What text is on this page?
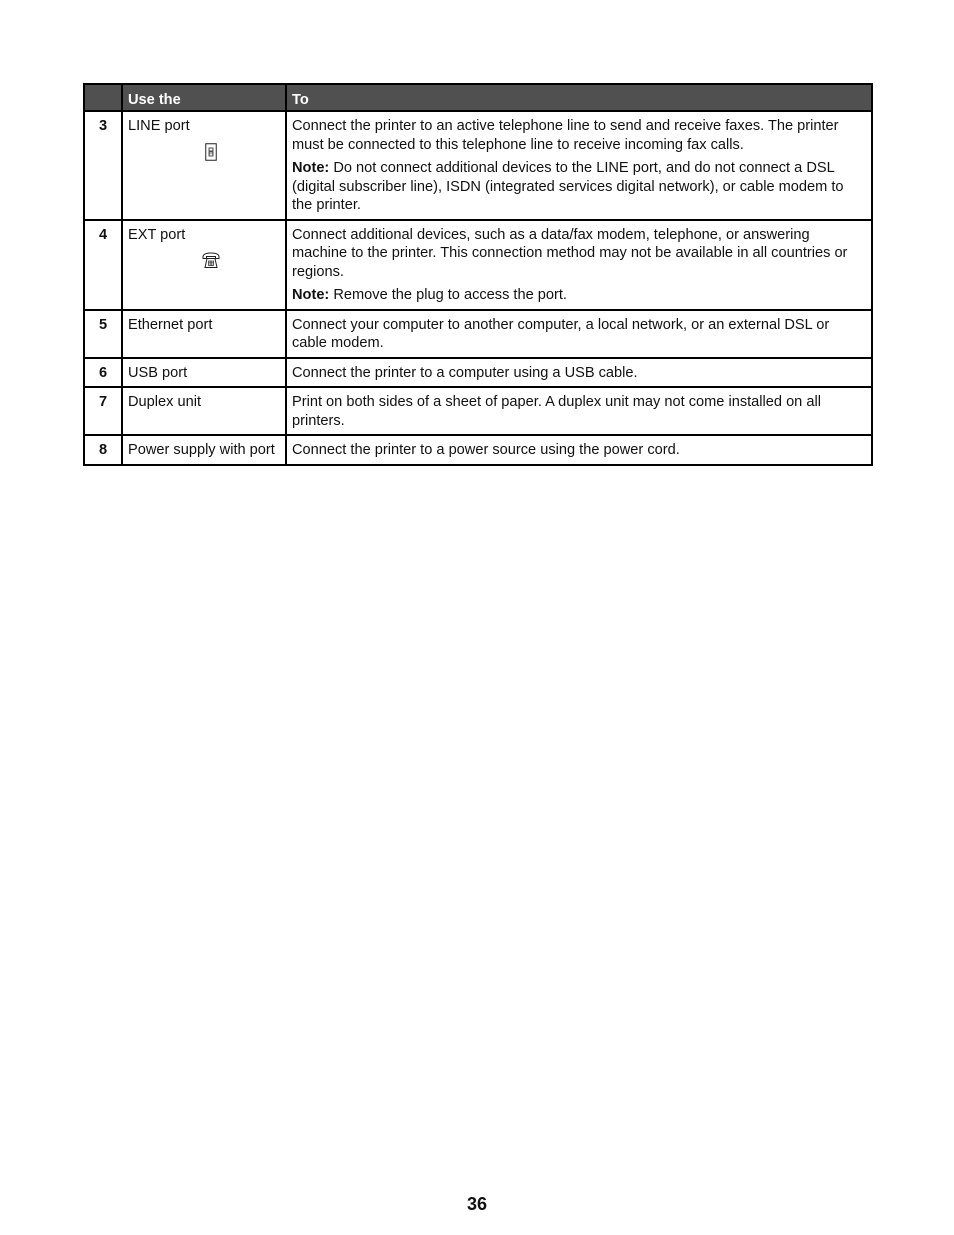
	Use the	To
3	LINE port	Connect the printer to an active telephone line to send and receive faxes. The printer must be connected to this telephone line to receive incoming fax calls.

Note: Do not connect additional devices to the LINE port, and do not connect a DSL (digital subscriber line), ISDN (integrated services digital network), or cable modem to the printer.

4	EXT port	Connect additional devices, such as a data/fax modem, telephone, or answering machine to the printer. This connection method may not be available in all countries or regions.

Note: Remove the plug to access the port.

5	Ethernet port	Connect your computer to another computer, a local network, or an external DSL or cable modem.
6	USB port	Connect the printer to a computer using a USB cable.
7	Duplex unit	Print on both sides of a sheet of paper. A duplex unit may not come installed on all printers.
8	Power supply with port	Connect the printer to a power source using the power cord.
36
